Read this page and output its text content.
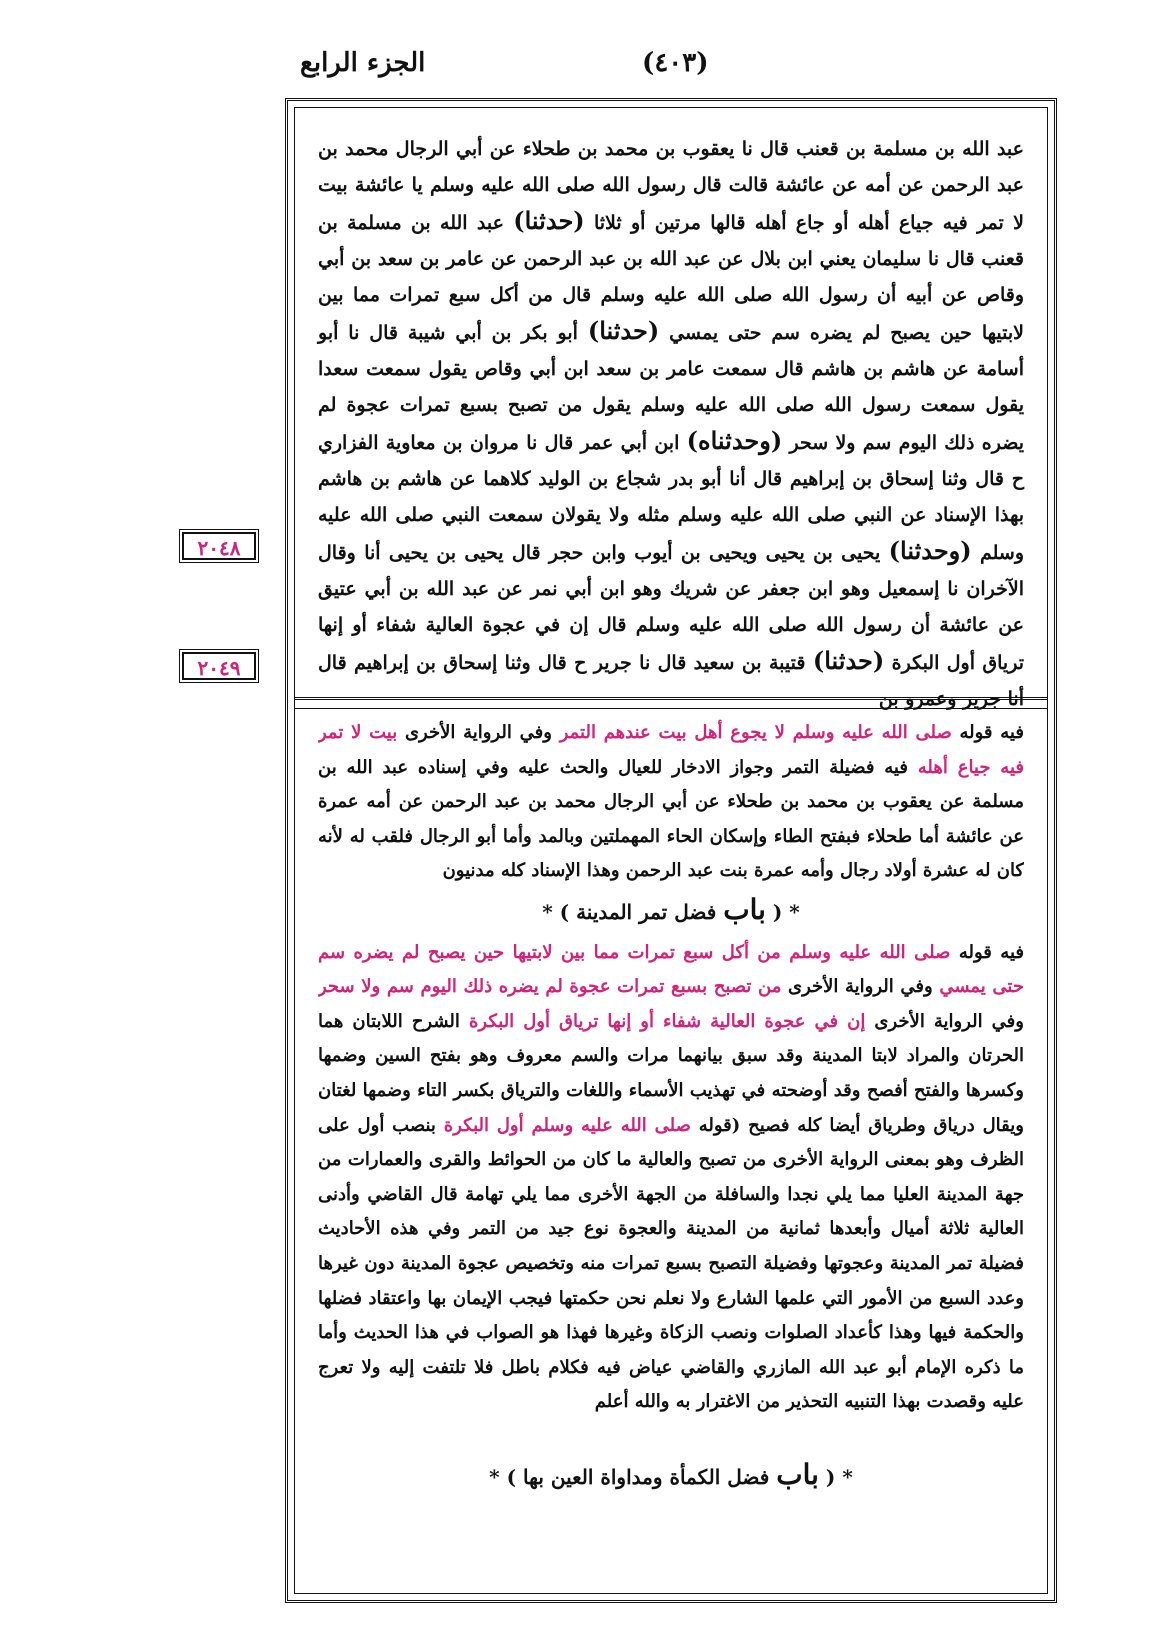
الجزء الرابع	(٤٠٣)
٢٠٤٨
٢٠٤٩

عبد الله بن مسلمة بن قعنب قال نا يعقوب بن محمد بن طحلاء عن أبي الرجال محمد بن عبد الرحمن عن أمه عن عائشة قالت قال رسول الله صلى الله عليه وسلم يا عائشة بيت لا تمر فيه جياع أهله أو جاع أهله قالها مرتين أو ثلاثا (حدثنا) عبد الله بن مسلمة بن قعنب قال نا سليمان يعني ابن بلال عن عبد الله بن عبد الرحمن عن عامر بن سعد بن أبي وقاص عن أبيه أن رسول الله صلى الله عليه وسلم قال من أكل سبع تمرات مما بين لابتيها حين يصبح لم يضره سم حتى يمسي (حدثنا) أبو بكر بن أبي شيبة قال نا أبو أسامة عن هاشم بن هاشم قال سمعت عامر بن سعد ابن أبي وقاص يقول سمعت سعدا يقول سمعت رسول الله صلى الله عليه وسلم يقول من تصبح بسبع تمرات عجوة لم يضره ذلك اليوم سم ولا سحر (وحدثناه) ابن أبي عمر قال نا مروان بن معاوية الفزاري ح قال وثنا إسحاق بن إبراهيم قال أنا أبو بدر شجاع بن الوليد كلاهما عن هاشم بن هاشم بهذا الإسناد عن النبي صلى الله عليه وسلم مثله ولا يقولان سمعت النبي صلى الله عليه وسلم (وحدثنا) يحيى بن يحيى ويحيى بن أيوب وابن حجر قال يحيى بن يحيى أنا وقال الآخران نا إسمعيل وهو ابن جعفر عن شريك وهو ابن أبي نمر عن عبد الله بن أبي عتيق عن عائشة أن رسول الله صلى الله عليه وسلم قال إن في عجوة العالية شفاء أو إنها ترياق أول البكرة (حدثنا) قتيبة بن سعيد قال نا جرير ح قال وثنا إسحاق بن إبراهيم قال أنا جرير وعمرو بن

فيه قوله صلى الله عليه وسلم لا يجوع أهل بيت عندهم التمر وفي الرواية الأخرى بيت لا تمر فيه جياع أهله فيه فضيلة التمر وجواز الادخار للعيال والحث عليه وفي إسناده عبد الله بن مسلمة عن يعقوب بن محمد بن طحلاء عن أبي الرجال محمد بن عبد الرحمن عن أمه عمرة عن عائشة أما طحلاء فبفتح الطاء وإسكان الحاء المهملتين وبالمد وأما أبو الرجال فلقب له لأنه كان له عشرة أولاد رجال وأمه عمرة بنت عبد الرحمن وهذا الإسناد كله مدنيون

* ( باب فضل تمر المدينة ) *

فيه قوله صلى الله عليه وسلم من أكل سبع تمرات مما بين لابتيها حين يصبح لم يضره سم حتى يمسي وفي الرواية الأخرى من تصبح بسبع تمرات عجوة لم يضره ذلك اليوم سم ولا سحر وفي الرواية الأخرى إن في عجوة العالية شفاء أو إنها ترياق أول البكرة الشرح اللابتان هما الحرتان والمراد لابتا المدينة وقد سبق بيانهما مرات والسم معروف وهو بفتح السين وضمها وكسرها والفتح أفصح وقد أوضحته في تهذيب الأسماء واللغات والترياق بكسر التاء وضمها لغتان ويقال درياق وطرياق أيضا كله فصيح (قوله صلى الله عليه وسلم أول البكرة بنصب أول على الظرف وهو بمعنى الرواية الأخرى من تصبح والعالية ما كان من الحوائط والقرى والعمارات من جهة المدينة العليا مما يلي نجدا والسافلة من الجهة الأخرى مما يلي تهامة قال القاضي وأدنى العالية ثلاثة أميال وأبعدها ثمانية من المدينة والعجوة نوع جيد من التمر وفي هذه الأحاديث فضيلة تمر المدينة وعجوتها وفضيلة التصبح بسبع تمرات منه وتخصيص عجوة المدينة دون غيرها وعدد السبع من الأمور التي علمها الشارع ولا نعلم نحن حكمتها فيجب الإيمان بها واعتقاد فضلها والحكمة فيها وهذا كأعداد الصلوات ونصب الزكاة وغيرها فهذا هو الصواب في هذا الحديث وأما ما ذكره الإمام أبو عبد الله المازري والقاضي عياض فيه فكلام باطل فلا تلتفت إليه ولا تعرج عليه وقصدت بهذا التنبيه التحذير من الاغترار به والله أعلم

* ( باب فضل الكمأة ومداواة العين بها ) *
